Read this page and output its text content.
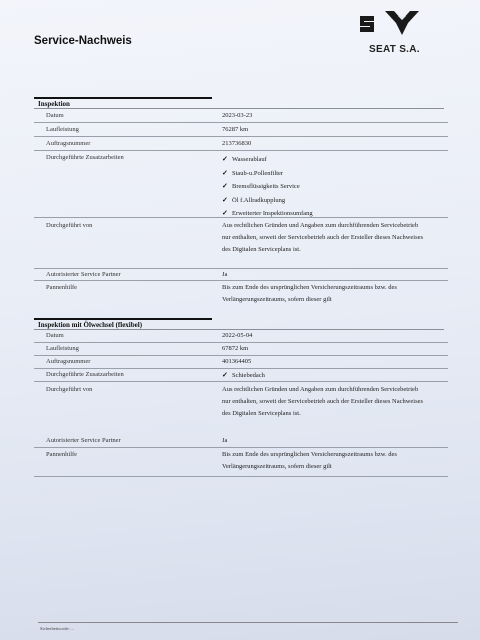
Service-Nachweis
SEAT S.A.
Inspektion
Datum	2023-03-23
Laufleistung	76287 km
Auftragsnummer	213736830
Durchgeführte Zusatzarbeiten	✓ Wasserablauf
✓ Staub-u.Pollenfilter
✓ Bremsflüssigkeits Service
✓ Öl f.Allradkupplung
✓ Erweiterter Inspektionsumfang
Durchgeführt von	Aus rechtlichen Gründen und Angaben zum durchführenden Servicebetrieb
nur enthalten, soweit der Servicebetrieb auch der Ersteller dieses Nachweises
des Digitalen Serviceplans ist.
Autorisierter Service Partner	Ja
Pannenhilfe	Bis zum Ende des ursprünglichen Versicherungszeitraums bzw. des
Verlängerungszeitraums, sofern dieser gilt
Inspektion mit Ölwechsel (flexibel)
Datum	2022-05-04
Laufleistung	67872 km
Auftragsnummer	401364405
Durchgeführte Zusatzarbeiten	✓ Schiebedach
Durchgeführt von	Aus rechtlichen Gründen und Angaben zum durchführenden Servicebetrieb
nur enthalten, soweit der Servicebetrieb auch der Ersteller dieses Nachweises
des Digitalen Serviceplans ist.
Autorisierter Service Partner	Ja
Pannenhilfe	Bis zum Ende des ursprünglichen Versicherungszeitraums bzw. des
Verlängerungszeitraums, sofern dieser gilt
Sicherheitscode: ...
